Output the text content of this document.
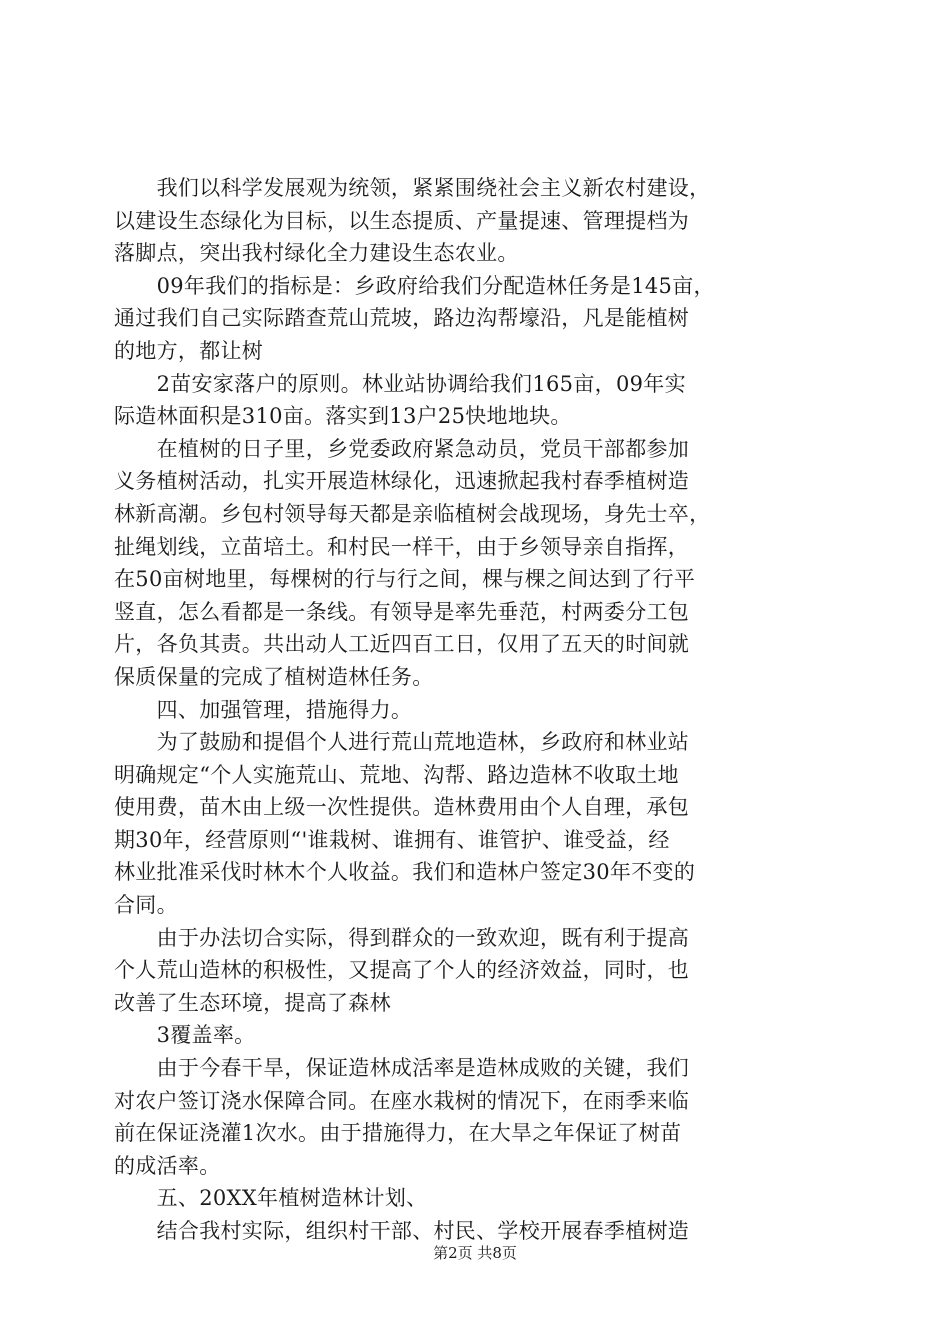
　　我们以科学发展观为统领，紧紧围绕社会主义新农村建设，
以建设生态绿化为目标，以生态提质、产量提速、管理提档为
落脚点，突出我村绿化全力建设生态农业。
　　09年我们的指标是：乡政府给我们分配造林任务是145亩，
通过我们自己实际踏查荒山荒坡，路边沟帮壕沿，凡是能植树
的地方，都让树
　　2苗安家落户的原则。林业站协调给我们165亩，09年实
际造林面积是310亩。落实到13户25快地地块。
　　在植树的日子里，乡党委政府紧急动员，党员干部都参加
义务植树活动，扎实开展造林绿化，迅速掀起我村春季植树造
林新高潮。乡包村领导每天都是亲临植树会战现场，身先士卒，
扯绳划线，立苗培土。和村民一样干，由于乡领导亲自指挥，
在50亩树地里，每棵树的行与行之间，棵与棵之间达到了行平
竖直，怎么看都是一条线。有领导是率先垂范，村两委分工包
片，各负其责。共出动人工近四百工日，仅用了五天的时间就
保质保量的完成了植树造林任务。
　　四、加强管理，措施得力。
　　为了鼓励和提倡个人进行荒山荒地造林，乡政府和林业站
明确规定“个人实施荒山、荒地、沟帮、路边造林不收取土地
使用费，苗木由上级一次性提供。造林费用由个人自理，承包
期30年，经营原则“'谁栽树、谁拥有、谁管护、谁受益，经
林业批准采伐时林木个人收益。我们和造林户签定30年不变的
合同。
　　由于办法切合实际，得到群众的一致欢迎，既有利于提高
个人荒山造林的积极性，又提高了个人的经济效益，同时，也
改善了生态环境，提高了森林
　　3覆盖率。
　　由于今春干旱，保证造林成活率是造林成败的关键，我们
对农户签订浇水保障合同。在座水栽树的情况下，在雨季来临
前在保证浇灌1次水。由于措施得力，在大旱之年保证了树苗
的成活率。
　　五、20XX年植树造林计划、
　　结合我村实际，组织村干部、村民、学校开展春季植树造
第2页 共8页
